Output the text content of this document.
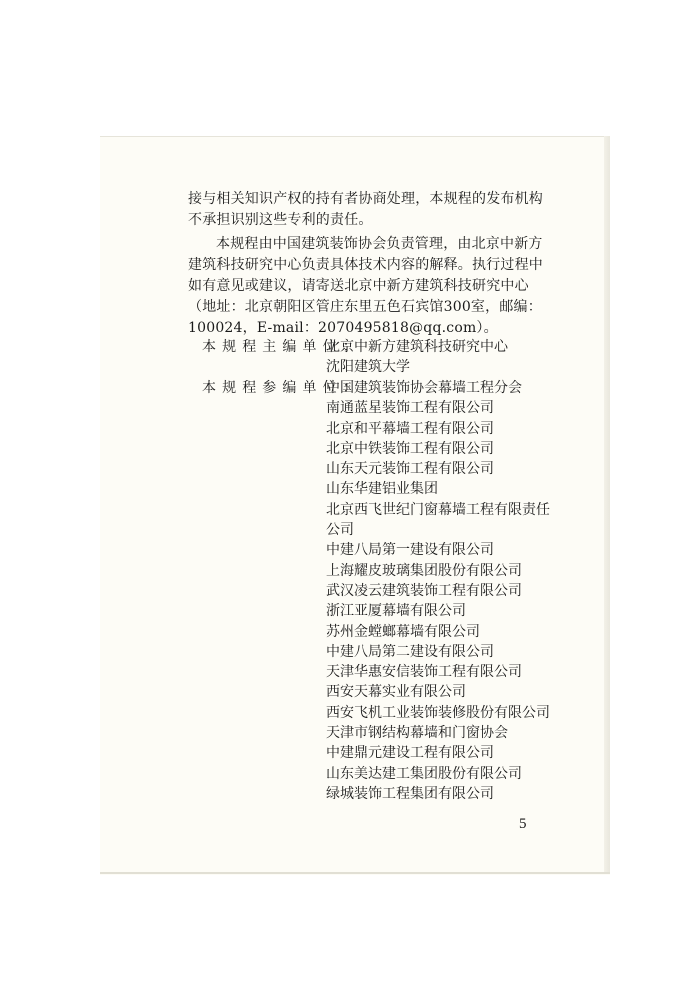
接与相关知识产权的持有者协商处理，本规程的发布机构不承担识别这些专利的责任。

本规程由中国建筑装饰协会负责管理，由北京中新方建筑科技研究中心负责具体技术内容的解释。执行过程中如有意见或建议，请寄送北京中新方建筑科技研究中心（地址：北京朝阳区管庄东里五色石宾馆300室，邮编：100024，E-mail：2070495818@qq.com）。

本规程主编单位：
北京中新方建筑科技研究中心
沈阳建筑大学
本规程参编单位：
中国建筑装饰协会幕墙工程分会
南通蓝星装饰工程有限公司
北京和平幕墙工程有限公司
北京中铁装饰工程有限公司
山东天元装饰工程有限公司
山东华建铝业集团
北京西飞世纪门窗幕墙工程有限责任
公司
中建八局第一建设有限公司
上海耀皮玻璃集团股份有限公司
武汉凌云建筑装饰工程有限公司
浙江亚厦幕墙有限公司
苏州金螳螂幕墙有限公司
中建八局第二建设有限公司
天津华惠安信装饰工程有限公司
西安天幕实业有限公司
西安飞机工业装饰装修股份有限公司
天津市钢结构幕墙和门窗协会
中建鼎元建设工程有限公司
山东美达建工集团股份有限公司
绿城装饰工程集团有限公司
5
